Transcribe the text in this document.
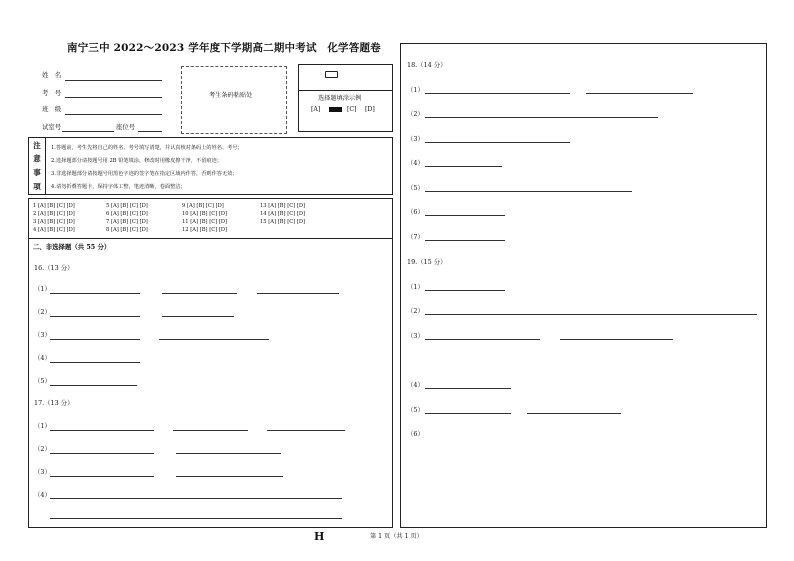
南宁三中 2022～2023 学年度下学期高二期中考试　化学答题卷
姓　名
考　号
班　级
试室号	座位号
考生条码粘贴处	选择题填涂示例
[A]	[C] [D]
注
意
事
项
1.答题前，考生先将自己的姓名、考号填写清楚，并认真核对条码上的姓名、考号；
2.选择题部分请按题号用 2B 铅笔填涂，修改时用橡皮擦干净，不留痕迹；
3.非选择题部分请按题号用黑色字迹的签字笔在指定区域内作答，否则作答无效；
4.请勿折叠答题卡，保持字体工整，笔迹清晰，卷面整洁；
1 [A] [B] [C] [D]	5 [A] [B] [C] [D]	9 [A] [B] [C] [D]	13 [A] [B] [C] [D]
2 [A] [B] [C] [D]	6 [A] [B] [C] [D]	10 [A] [B] [C] [D]	14 [A] [B] [C] [D]
3 [A] [B] [C] [D]	7 [A] [B] [C] [D]	11 [A] [B] [C] [D]	15 [A] [B] [C] [D]
4 [A] [B] [C] [D]	8 [A] [B] [C] [D]	12 [A] [B] [C] [D]
二、非选择题（共 55 分）
16.（13 分）
（1）
（2）
（3）
（4）
（5）
17.（13 分）
（1）
（2）
（3）
（4）
18.（14 分）
（1）
（2）
（3）
（4）
（5）
（6）
（7）
19.（15 分）
（1）
（2）
（3）
（4）
（5）
（6）
H	第 1 页（共 1 页）
